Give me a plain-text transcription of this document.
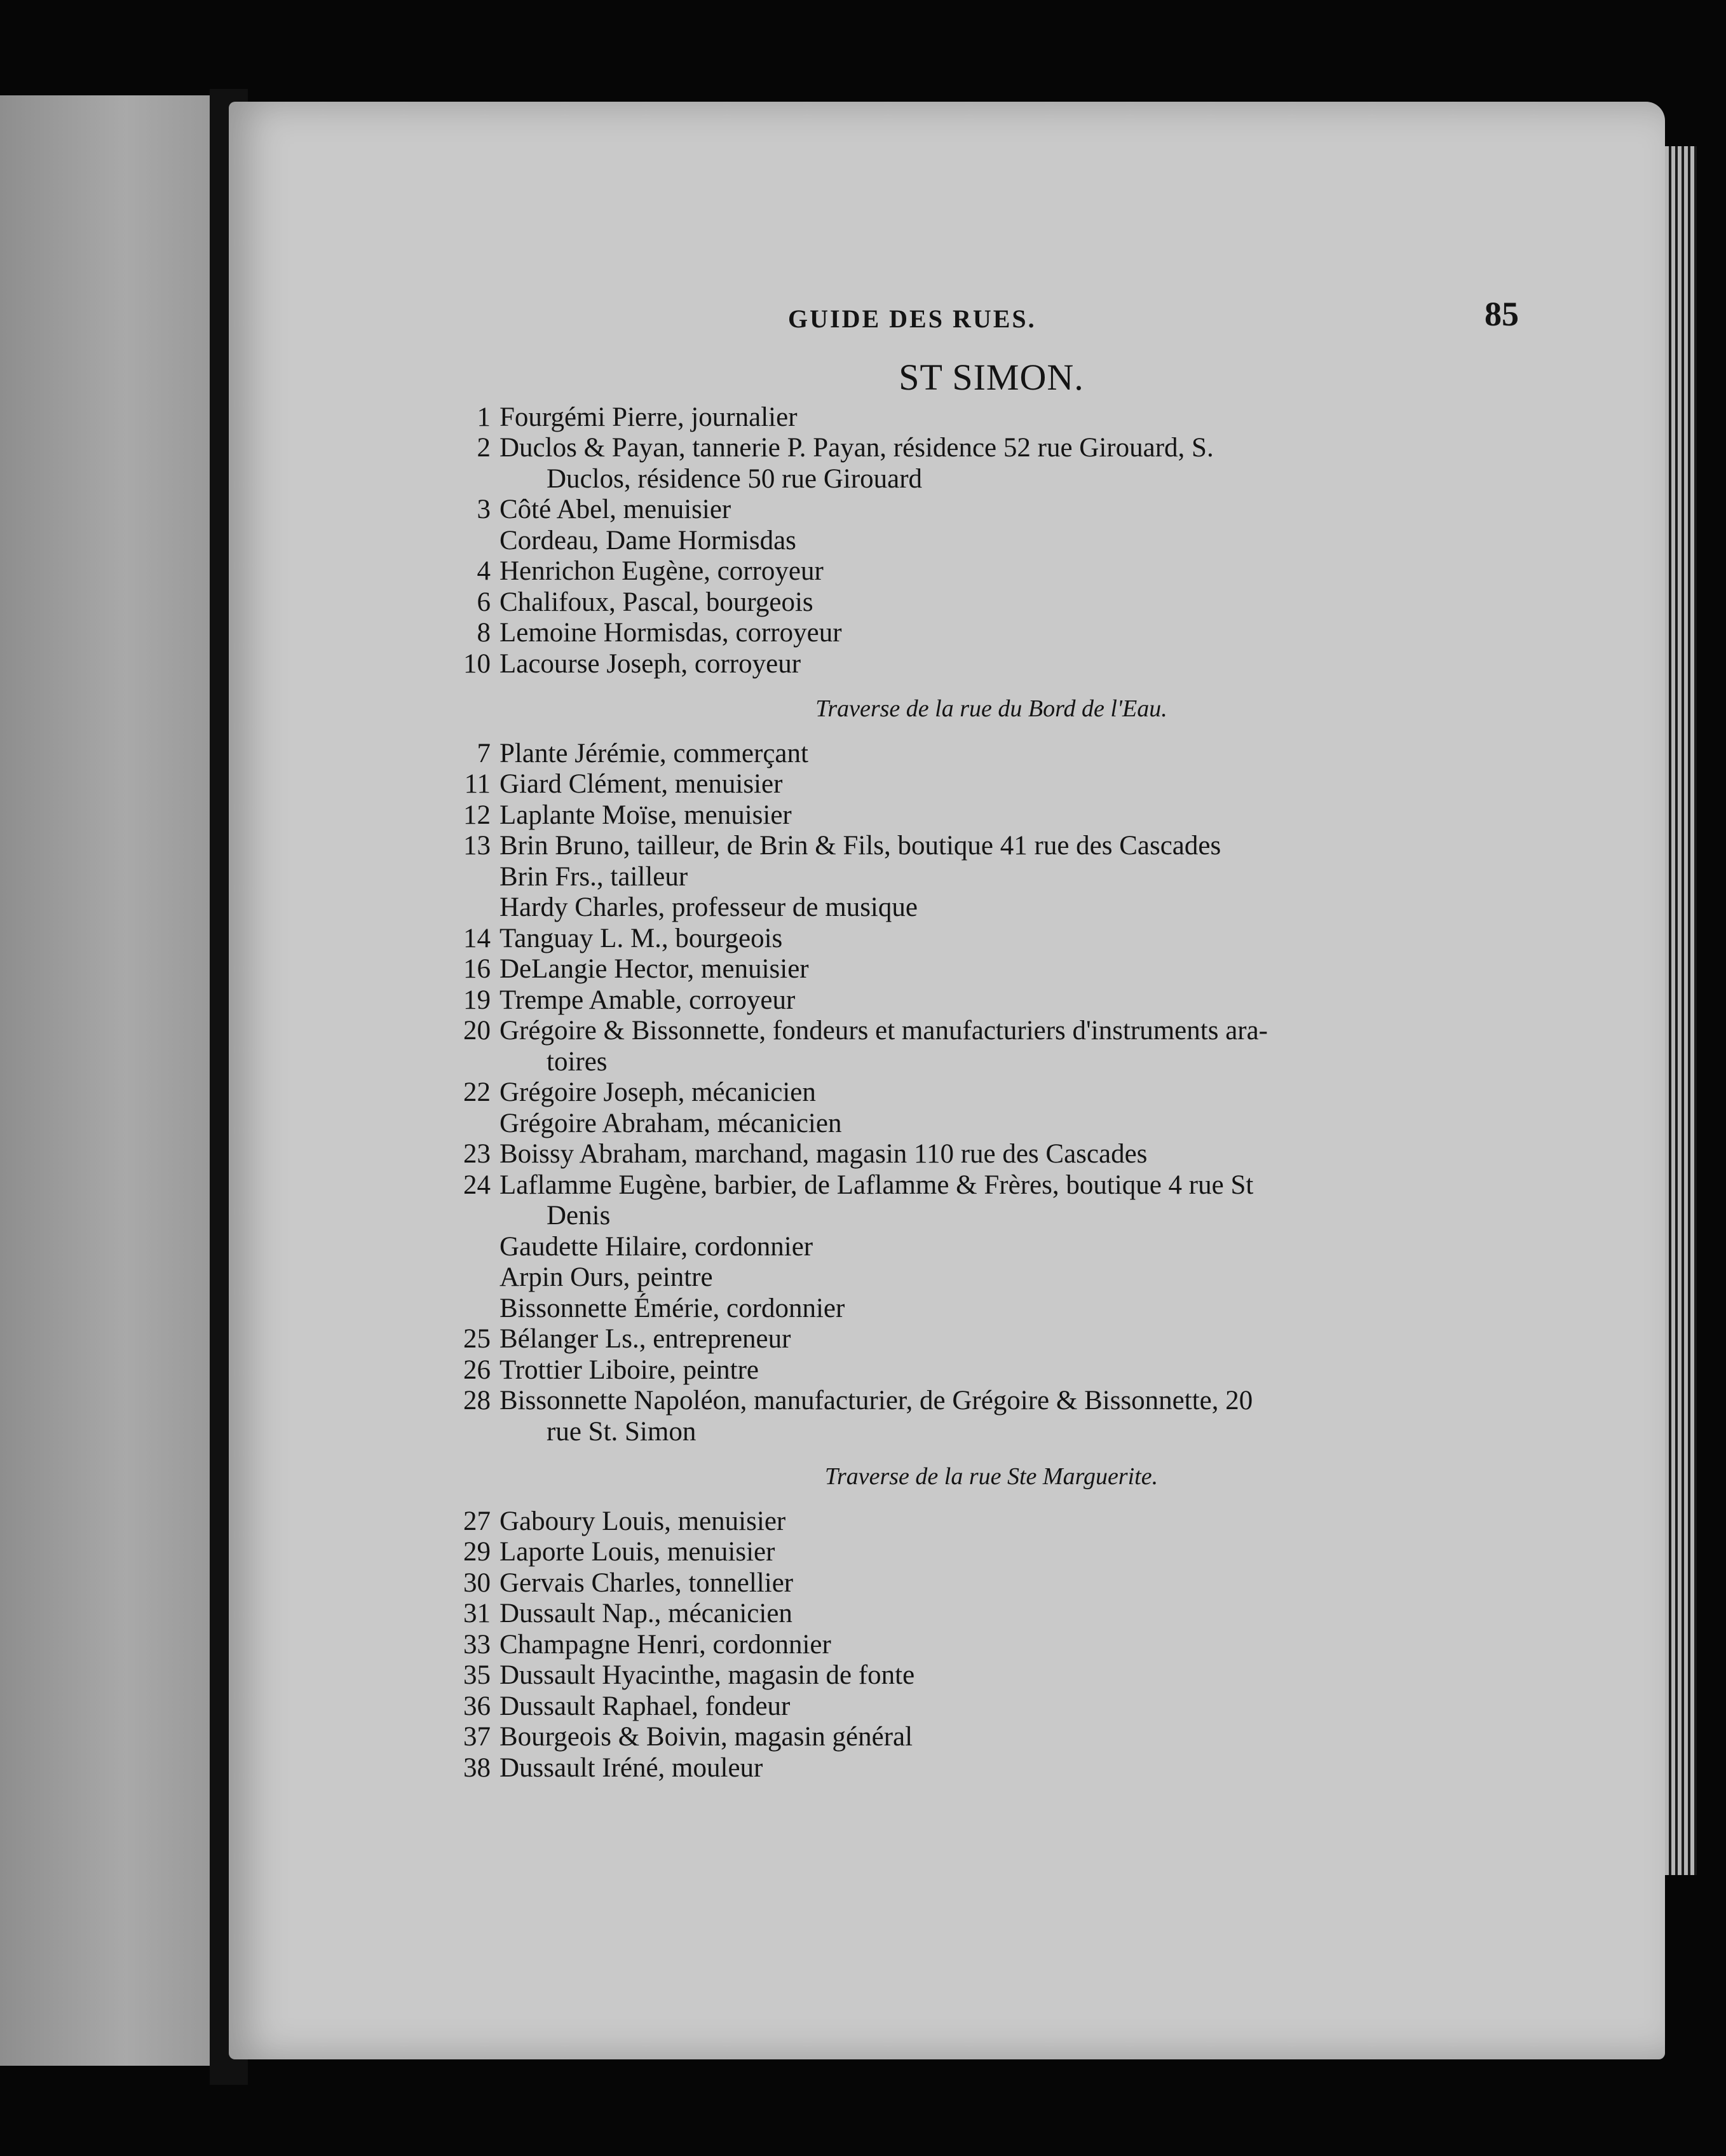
GUIDE DES RUES.	85
ST SIMON.
1 Fourgémi Pierre, journalier
2 Duclos & Payan, tannerie P. Payan, résidence 52 rue Girouard, S.
Duclos, résidence 50 rue Girouard
3 Côté Abel, menuisier
Cordeau, Dame Hormisdas
4 Henrichon Eugène, corroyeur
6 Chalifoux, Pascal, bourgeois
8 Lemoine Hormisdas, corroyeur
10 Lacourse Joseph, corroyeur
Traverse de la rue du Bord de l'Eau.
7 Plante Jérémie, commerçant
11 Giard Clément, menuisier
12 Laplante Moïse, menuisier
13 Brin Bruno, tailleur, de Brin & Fils, boutique 41 rue des Cascades
Brin Frs., tailleur
Hardy Charles, professeur de musique
14 Tanguay L. M., bourgeois
16 DeLangie Hector, menuisier
19 Trempe Amable, corroyeur
20 Grégoire & Bissonnette, fondeurs et manufacturiers d'instruments ara-
toires
22 Grégoire Joseph, mécanicien
Grégoire Abraham, mécanicien
23 Boissy Abraham, marchand, magasin 110 rue des Cascades
24 Laflamme Eugène, barbier, de Laflamme & Frères, boutique 4 rue St
Denis
Gaudette Hilaire, cordonnier
Arpin Ours, peintre
Bissonnette Émérie, cordonnier
25 Bélanger Ls., entrepreneur
26 Trottier Liboire, peintre
28 Bissonnette Napoléon, manufacturier, de Grégoire & Bissonnette, 20
rue St. Simon
Traverse de la rue Ste Marguerite.
27 Gaboury Louis, menuisier
29 Laporte Louis, menuisier
30 Gervais Charles, tonnellier
31 Dussault Nap., mécanicien
33 Champagne Henri, cordonnier
35 Dussault Hyacinthe, magasin de fonte
36 Dussault Raphael, fondeur
37 Bourgeois & Boivin, magasin général
38 Dussault Iréné, mouleur
